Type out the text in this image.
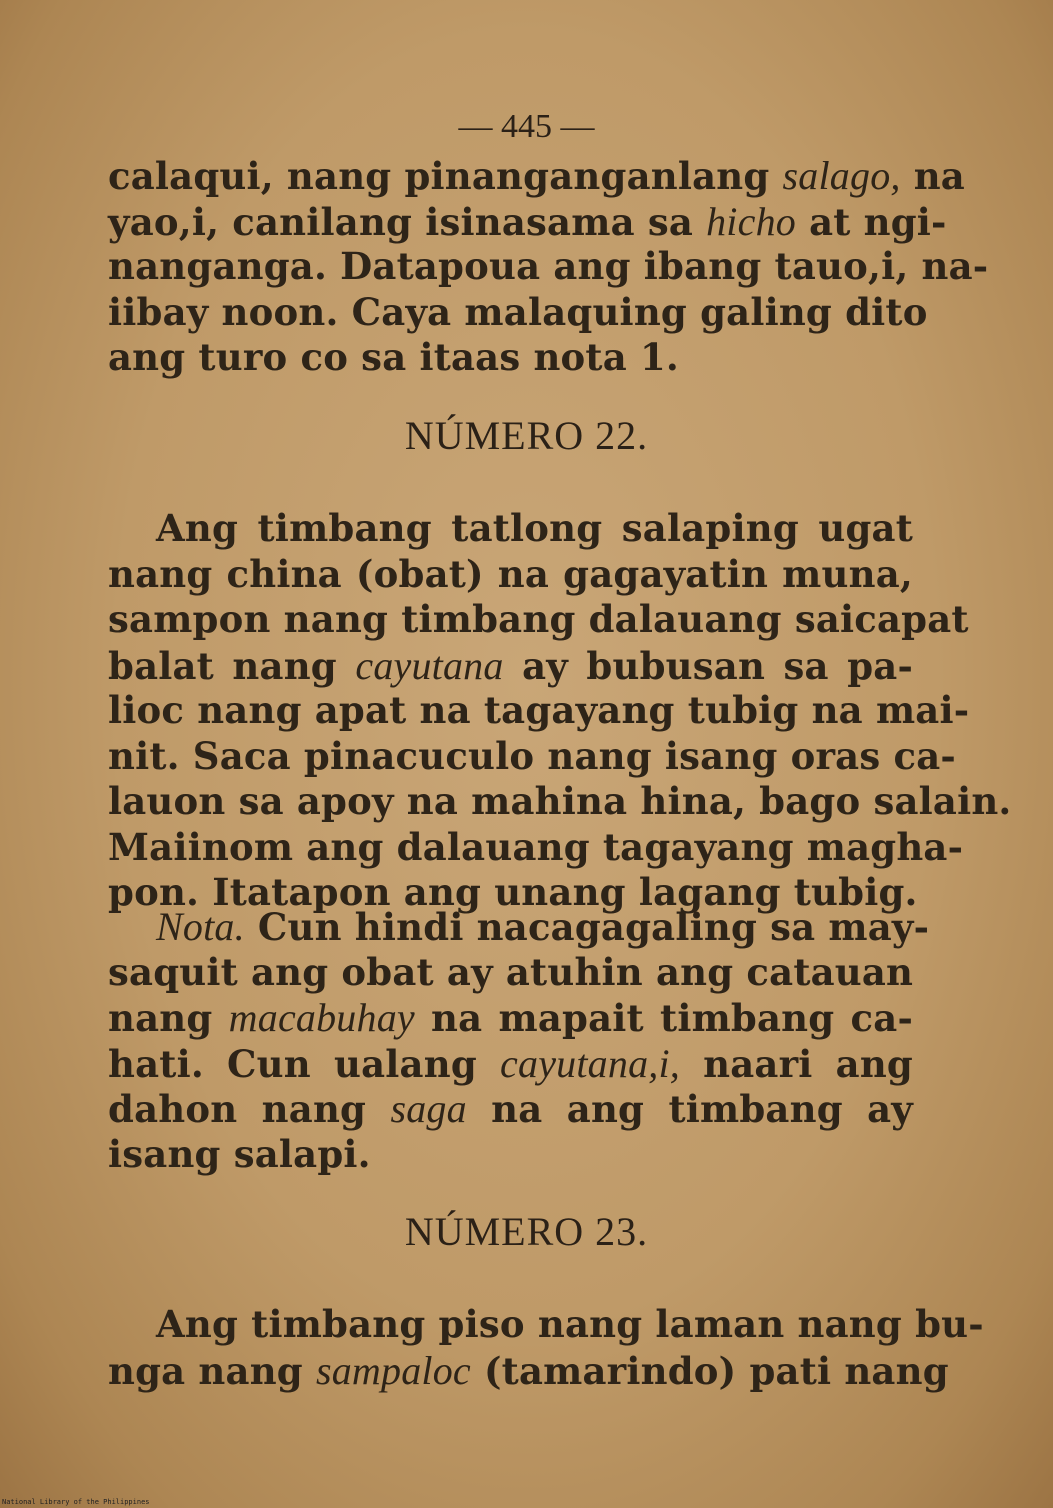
— 445 —
calaqui, nang pinanganganlang salago, na
yao,i, canilang isinasama sa hicho at ngi-
nanganga. Datapoua ang ibang tauo,i, na-
iibay noon. Caya malaquing galing dito
ang turo co sa itaas nota 1.
NÚMERO 22.
Ang timbang tatlong salaping ugat
nang china (obat) na gagayatin muna,
sampon nang timbang dalauang saicapat
balat nang cayutana ay bubusan sa pa-
lioc nang apat na tagayang tubig na mai-
nit. Saca pinacuculo nang isang oras ca-
lauon sa apoy na mahina hina, bago salain.
Maiinom ang dalauang tagayang magha-
pon. Itatapon ang unang lagang tubig.
Nota. Cun hindi nacagagaling sa may-
saquit ang obat ay atuhin ang catauan
nang macabuhay na mapait timbang ca-
hati. Cun ualang cayutana,i, naari ang
dahon nang saga na ang timbang ay
isang salapi.
NÚMERO 23.
Ang timbang piso nang laman nang bu-
nga nang sampaloc (tamarindo) pati nang
National Library of the Philippines
